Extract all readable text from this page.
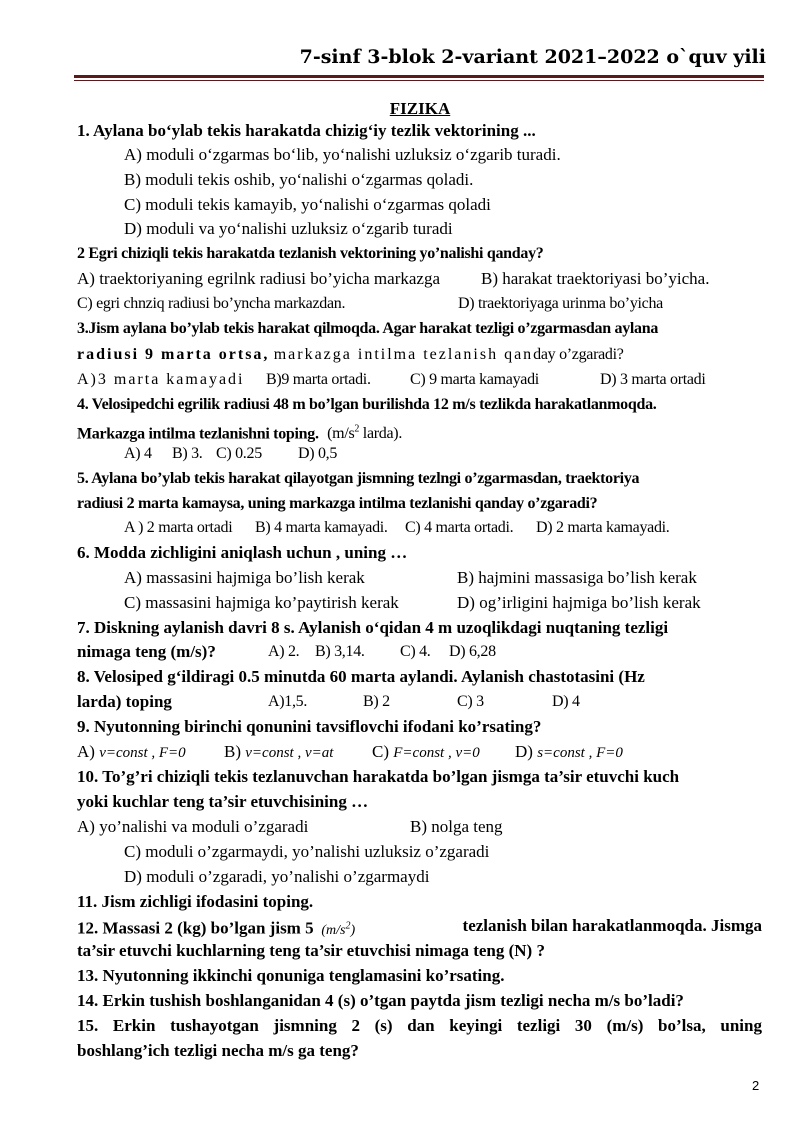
7-sinf 3-blok 2-variant 2021–2022 o`quv yili
FIZIKA
1. Aylana bo‘ylab tekis harakatda chizig‘iy tezlik vektorining ...
A) moduli o‘zgarmas bo‘lib, yo‘nalishi uzluksiz o‘zgarib turadi.
B) moduli tekis oshib, yo‘nalishi o‘zgarmas qoladi.
C) moduli tekis kamayib, yo‘nalishi o‘zgarmas qoladi
D) moduli va yo‘nalishi uzluksiz o‘zgarib turadi
2 Egri chiziqli tekis harakatda tezlanish vektorining yo’nalishi qanday?
A) traektoriyaning egrilnk radiusi bo’yicha markazga B) harakat traektoriyasi bo’yicha.
C) egri chnziq radiusi bo’yncha markazdan.	D) traektoriyaga urinma bo’yicha
3.Jism aylana bo’ylab tekis harakat qilmoqda. Agar harakat tezligi o’zgarmasdan aylana
radiusi 9 marta ortsa, markazga intilma tezlanish qanday o’zgaradi?
A)3 marta kamayadi B)9 marta ortadi. C) 9 marta kamayadi	D) 3 marta ortadi
4. Velosipedchi egrilik radiusi 48 m bo’lgan burilishda 12 m/s tezlikda harakatlanmoqda.
Markazga intilma tezlanishni toping. ($m/s^2$ larda).
A) 4 B) 3. C) 0.25 D) 0,5
5. Aylana bo’ylab tekis harakat qilayotgan jismning tezlngi o’zgarmasdan, traektoriya
radiusi 2 marta kamaysa, uning markazga intilma tezlanishi qanday o’zgaradi?
A ) 2 marta ortadi B) 4 marta kamayadi. C) 4 marta ortadi. D) 2 marta kamayadi.
6. Modda zichligini aniqlash uchun , uning …
A) massasini hajmiga bo’lish kerak	B) hajmini massasiga bo’lish kerak
C) massasini hajmiga ko’paytirish kerak	D) og’irligini hajmiga bo’lish kerak
7. Diskning aylanish davri 8 s. Aylanish o‘qidan 4 m uzoqlikdagi nuqtaning tezligi
nimaga teng (m/s)?	A) 2. B) 3,14. C) 4. D) 6,28
8. Velosiped g‘ildiragi 0.5 minutda 60 marta aylandi. Aylanish chastotasini (Hz
larda) toping	A)1,5.	B) 2	C) 3	D) 4
9. Nyutonning birinchi qonunini tavsiflovchi ifodani ko’rsating?
A) v=const , F=0 B) v=const , v=at C) F=const , v=0 D) s=const , F=0
10. To’g’ri chiziqli tekis tezlanuvchan harakatda bo’lgan jismga ta’sir etuvchi kuch
yoki kuchlar teng ta’sir etuvchisining …
A) yo’nalishi va moduli o’zgaradi	B) nolga teng
C) moduli o’zgarmaydi, yo’nalishi uzluksiz o’zgaradi
D) moduli o’zgaradi, yo’nalishi o’zgarmaydi
11. Jism zichligi ifodasini toping.
12. Massasi 2 (kg) bo’lgan jism 5  $(m/s^2)$	tezlanish bilan harakatlanmoqda. Jismga
ta’sir etuvchi kuchlarning teng ta’sir etuvchisi nimaga teng (N) ?
13. Nyutonning ikkinchi qonuniga tenglamasini ko’rsating.
14. Erkin tushish boshlanganidan 4 (s) o’tgan paytda jism tezligi necha m/s bo’ladi?
15. Erkin tushayotgan jismning 2 (s) dan keyingi tezligi 30 (m/s) bo’lsa, uning
boshlang’ich tezligi necha m/s ga teng?
2
